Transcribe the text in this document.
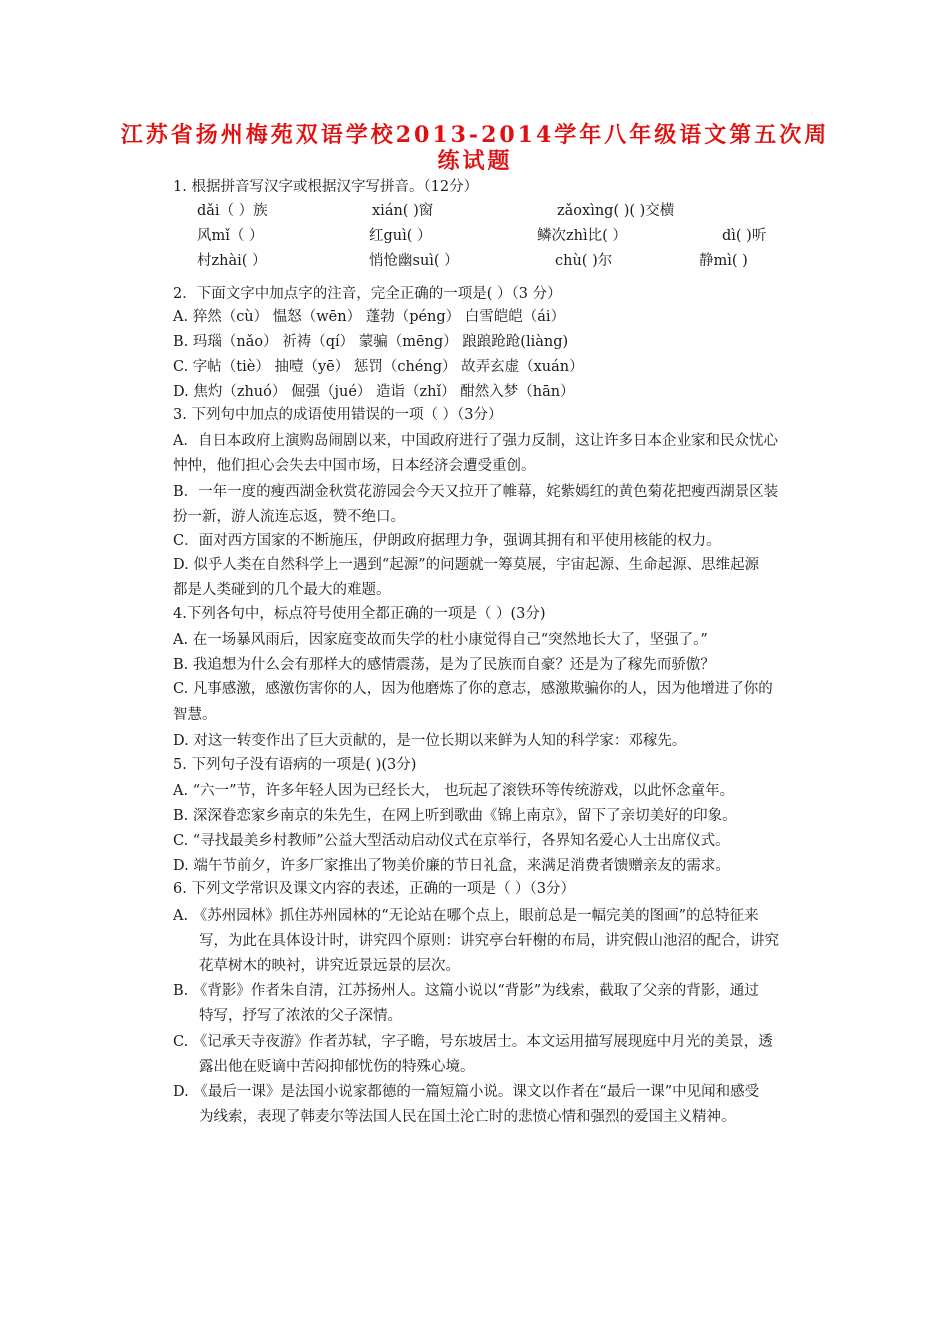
江苏省扬州梅苑双语学校2013-2014学年八年级语文第五次周
练试题
1. 根据拼音写汉字或根据汉字写拼音。（12分）
dǎi（ ）族	xián( )窗	zǎoxìng( )( )交横
风mǐ（ ）	红guì( ）	鳞次zhì比( ）	dì( )听
村zhài( ）	悄怆幽suì( ）	chù( )尔	静mì( )
2．下面文字中加点字的注音，完全正确的一项是( ）（3 分）
A. 猝然（cù） 愠怒（wēn） 蓬勃（péng） 白雪皑皑（ái）
B. 玛瑙（nǎo） 祈祷（qí） 蒙骗（mēng） 踉踉跄跄(liàng)
C. 字帖（tiè） 抽噎（yē） 惩罚（chéng） 故弄玄虚（xuán）
D. 焦灼（zhuó） 倔强（jué） 造诣（zhǐ） 酣然入梦（hān）
3. 下列句中加点的成语使用错误的一项（ ）（3分）
A．自日本政府上演购岛闹剧以来，中国政府进行了强力反制，这让许多日本企业家和民众忧心
忡忡，他们担心会失去中国市场，日本经济会遭受重创。
B．一年一度的瘦西湖金秋赏花游园会今天又拉开了帷幕，姹紫嫣红的黄色菊花把瘦西湖景区装
扮一新，游人流连忘返，赞不绝口。
C．面对西方国家的不断施压，伊朗政府据理力争，强调其拥有和平使用核能的权力。
D. 似乎人类在自然科学上一遇到“起源”的问题就一筹莫展，宇宙起源、生命起源、思维起源
都是人类碰到的几个最大的难题。
4.下列各句中，标点符号使用全都正确的一项是（ ）(3分)
A. 在一场暴风雨后，因家庭变故而失学的杜小康觉得自己“突然地长大了，坚强了。”
B. 我追想为什么会有那样大的感情震荡，是为了民族而自豪？还是为了稼先而骄傲？
C. 凡事感激，感激伤害你的人，因为他磨炼了你的意志，感激欺骗你的人，因为他增进了你的
智慧。
D. 对这一转变作出了巨大贡献的，是一位长期以来鲜为人知的科学家：邓稼先。
5. 下列句子没有语病的一项是( )(3分)
A. “六一”节，许多年轻人因为已经长大， 也玩起了滚铁环等传统游戏，以此怀念童年。
B. 深深眷恋家乡南京的朱先生，在网上听到歌曲《锦上南京》，留下了亲切美好的印象。
C. “寻找最美乡村教师”公益大型活动启动仪式在京举行，各界知名爱心人士出席仪式。
D. 端午节前夕，许多厂家推出了物美价廉的节日礼盒，来满足消费者馈赠亲友的需求。
6. 下列文学常识及课文内容的表述，正确的一项是（ ）（3分）
A. 《苏州园林》抓住苏州园林的“无论站在哪个点上，眼前总是一幅完美的图画”的总特征来
写，为此在具体设计时，讲究四个原则：讲究亭台轩榭的布局，讲究假山池沼的配合，讲究
花草树木的映衬，讲究近景远景的层次。
B. 《背影》作者朱自清，江苏扬州人。这篇小说以“背影”为线索，截取了父亲的背影，通过
特写，抒写了浓浓的父子深情。
C. 《记承天寺夜游》作者苏轼，字子瞻，号东坡居士。本文运用描写展现庭中月光的美景，透
露出他在贬谪中苦闷抑郁忧伤的特殊心境。
D. 《最后一课》是法国小说家都德的一篇短篇小说。课文以作者在“最后一课”中见闻和感受
为线索，表现了韩麦尔等法国人民在国土沦亡时的悲愤心情和强烈的爱国主义精神。
